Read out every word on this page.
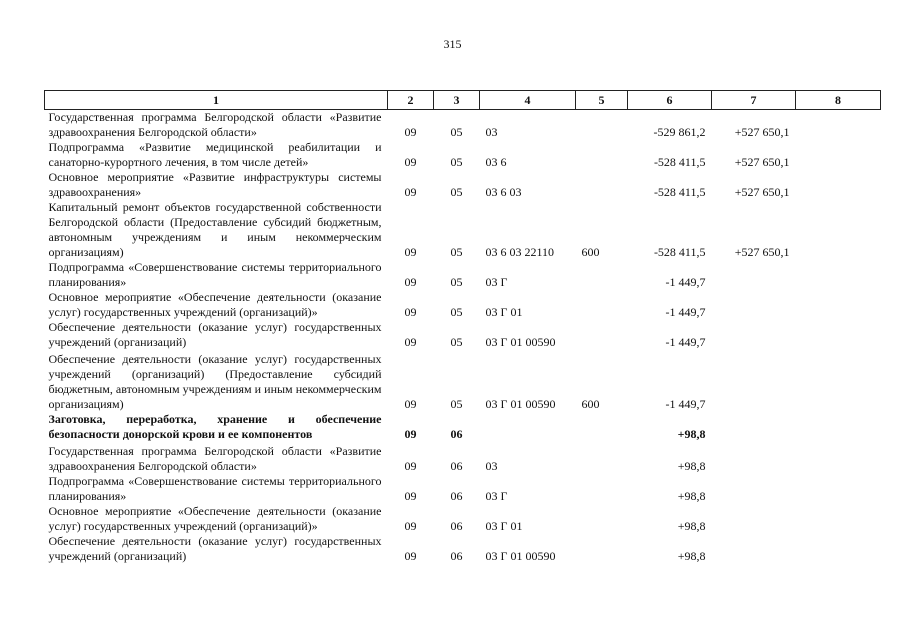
315
1	2	3	4	5	6	7	8
Государственная программа Белгородской области «Развитие здравоохранения Белгородской области»	09	05	03		-529 861,2	+527 650,1	
Подпрограмма «Развитие медицинской реабилитации и санаторно-курортного лечения, в том числе детей»	09	05	03 6		-528 411,5	+527 650,1	
Основное мероприятие «Развитие инфраструктуры системы здравоохранения»	09	05	03 6 03		-528 411,5	+527 650,1	
Капитальный ремонт объектов государственной собственности Белгородской области (Предоставление субсидий бюджетным, автономным учреждениям и иным некоммерческим организациям)	09	05	03 6 03 22110	600	-528 411,5	+527 650,1	
Подпрограмма «Совершенствование системы территориального планирования»	09	05	03 Г		-1 449,7		
Основное мероприятие «Обеспечение деятельности (оказание услуг) государственных учреждений (организаций)»	09	05	03 Г 01		-1 449,7		
Обеспечение деятельности (оказание услуг) государственных учреждений (организаций)	09	05	03 Г 01 00590		-1 449,7		
Обеспечение деятельности (оказание услуг) государственных учреждений (организаций) (Предоставление субсидий бюджетным, автономным учреждениям и иным некоммерческим организациям)	09	05	03 Г 01 00590	600	-1 449,7		
Заготовка, переработка, хранение и обеспечение безопасности донорской крови и ее компонентов	09	06			+98,8		
Государственная программа Белгородской области «Развитие здравоохранения Белгородской области»	09	06	03		+98,8		
Подпрограмма «Совершенствование системы территориального планирования»	09	06	03 Г		+98,8		
Основное мероприятие «Обеспечение деятельности (оказание услуг) государственных учреждений (организаций)»	09	06	03 Г 01		+98,8		
Обеспечение деятельности (оказание услуг) государственных учреждений (организаций)	09	06	03 Г 01 00590		+98,8		
